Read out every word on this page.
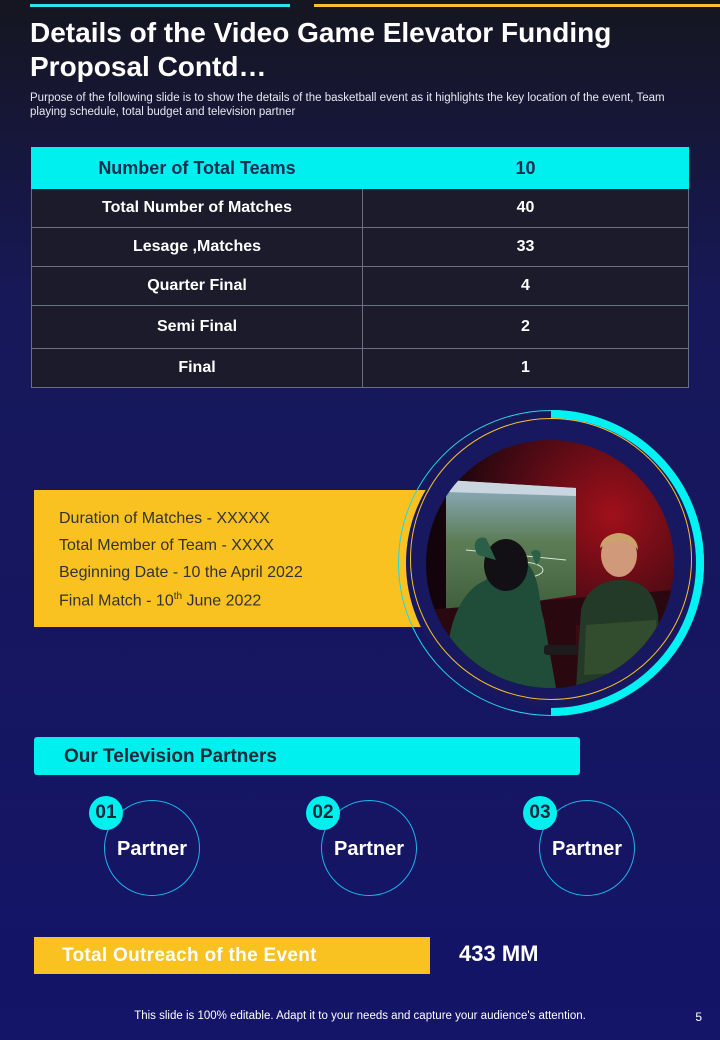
Details of the Video Game Elevator Funding Proposal Contd…
Purpose of the following slide is to show the details of the basketball event as it highlights the key location of the event, Team playing schedule, total budget and television partner
Number of Total Teams	10
Total Number of Matches	40
Lesage ,Matches	33
Quarter Final	4
Semi Final	2
Final	1
Duration of Matches - XXXXX
Total Member of Team - XXXX
Beginning Date - 10 the April 2022
Final Match - 10th June 2022
Our Television Partners
Partner
01
Partner
02
Partner
03
Total Outreach of the Event	433 MM
This slide is 100% editable. Adapt it to your needs and capture your audience's attention.	5
